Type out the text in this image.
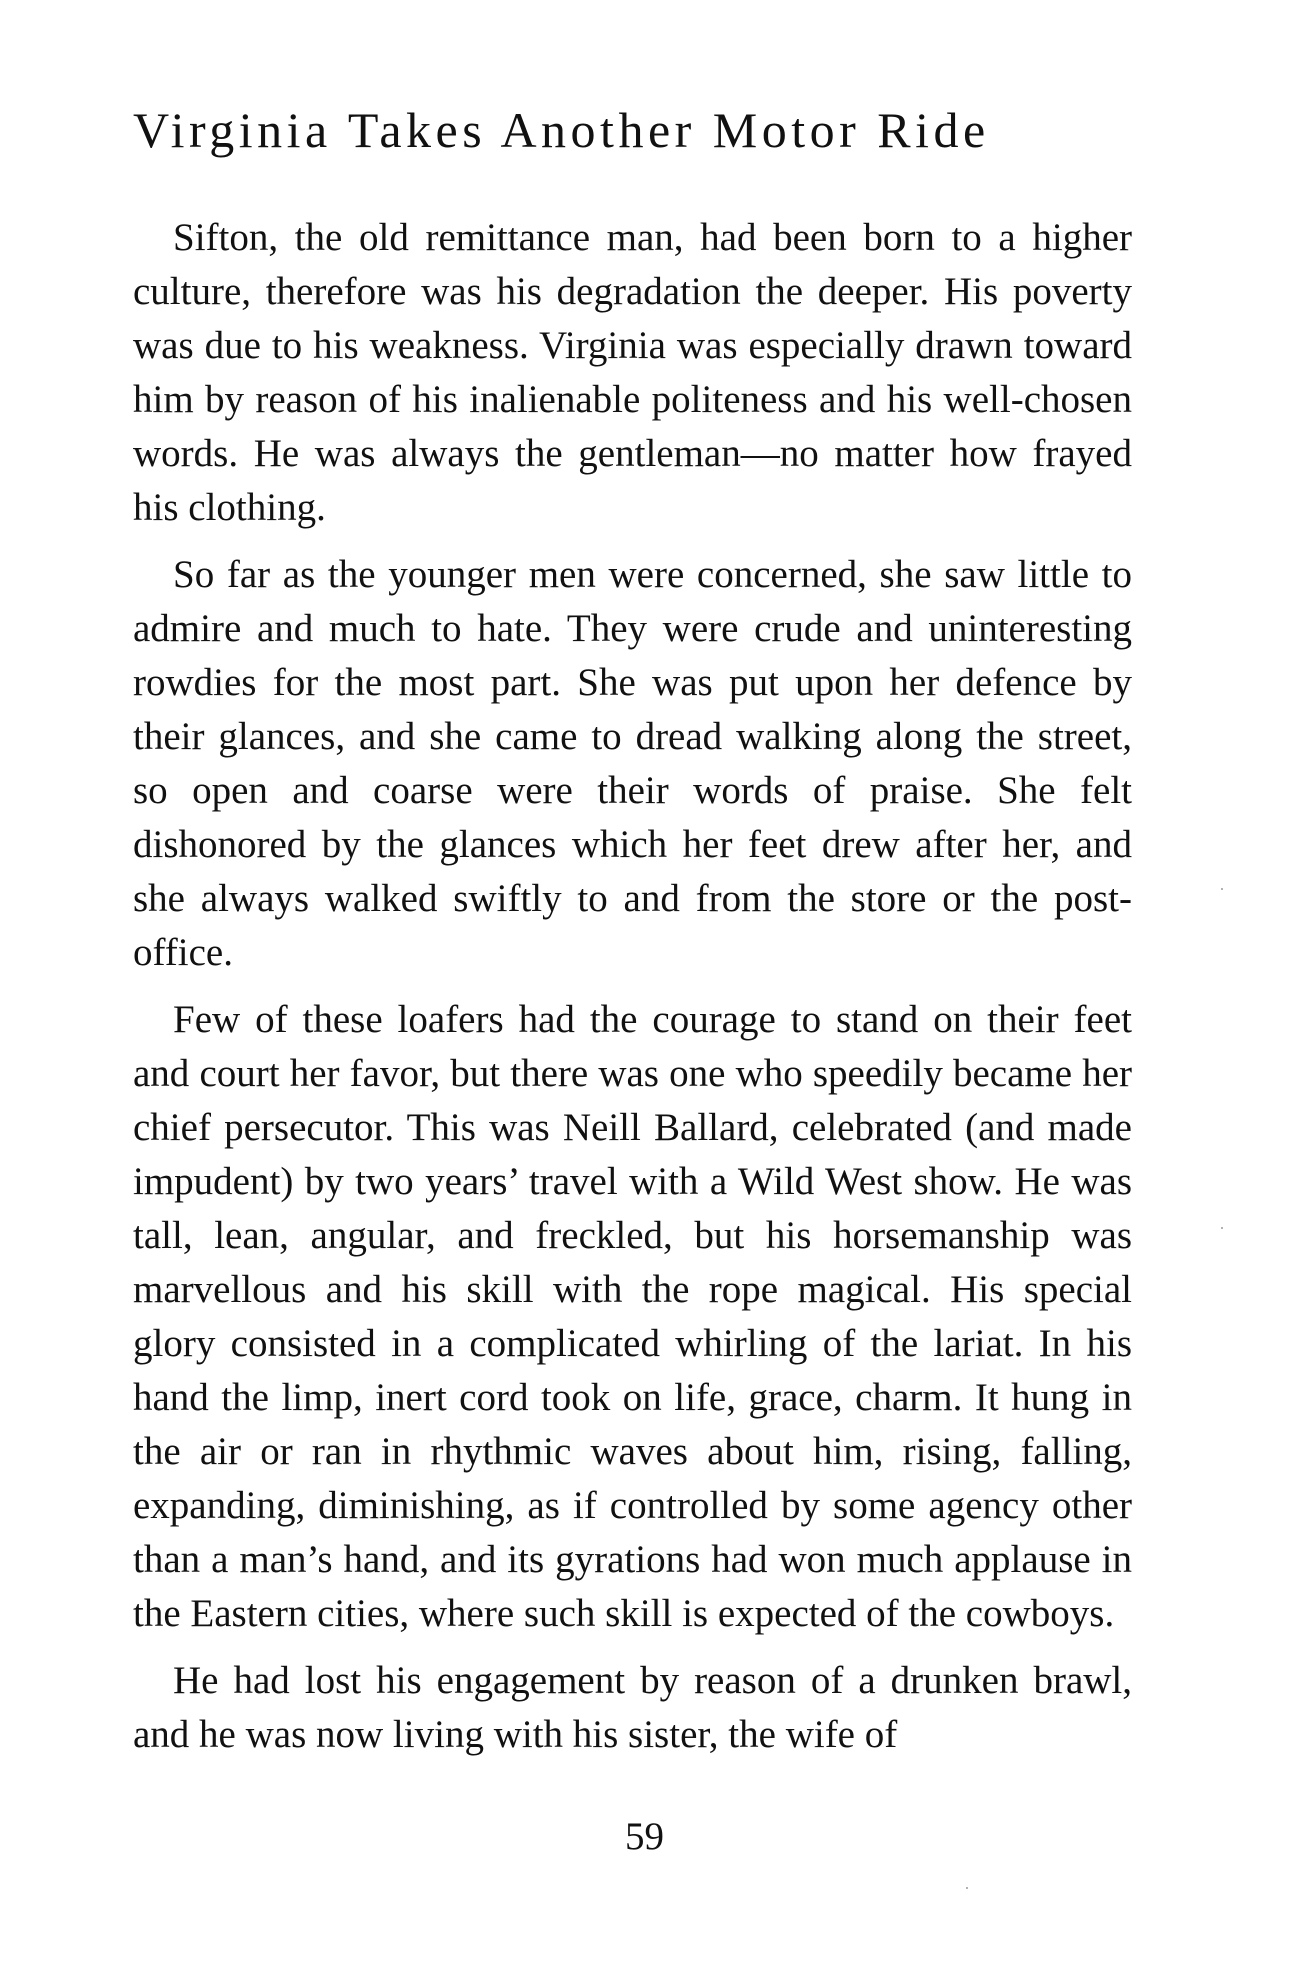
Virginia Takes Another Motor Ride

Sifton, the old remittance man, had been born to a higher culture, therefore was his degradation the deeper. His poverty was due to his weakness. Virginia was especially drawn toward him by reason of his inalienable politeness and his well-chosen words. He was always the gentleman—no matter how frayed his clothing.

So far as the younger men were concerned, she saw little to admire and much to hate. They were crude and uninteresting rowdies for the most part. She was put upon her defence by their glances, and she came to dread walking along the street, so open and coarse were their words of praise. She felt dishonored by the glances which her feet drew after her, and she always walked swiftly to and from the store or the post-office.

Few of these loafers had the courage to stand on their feet and court her favor, but there was one who speedily became her chief persecutor. This was Neill Ballard, celebrated (and made impudent) by two years’ travel with a Wild West show. He was tall, lean, angular, and freckled, but his horsemanship was marvellous and his skill with the rope magical. His special glory consisted in a complicated whirling of the lariat. In his hand the limp, inert cord took on life, grace, charm. It hung in the air or ran in rhythmic waves about him, rising, falling, expanding, diminishing, as if controlled by some agency other than a man’s hand, and its gyrations had won much applause in the Eastern cities, where such skill is expected of the cowboys.

He had lost his engagement by reason of a drunken brawl, and he was now living with his sister, the wife of

59
